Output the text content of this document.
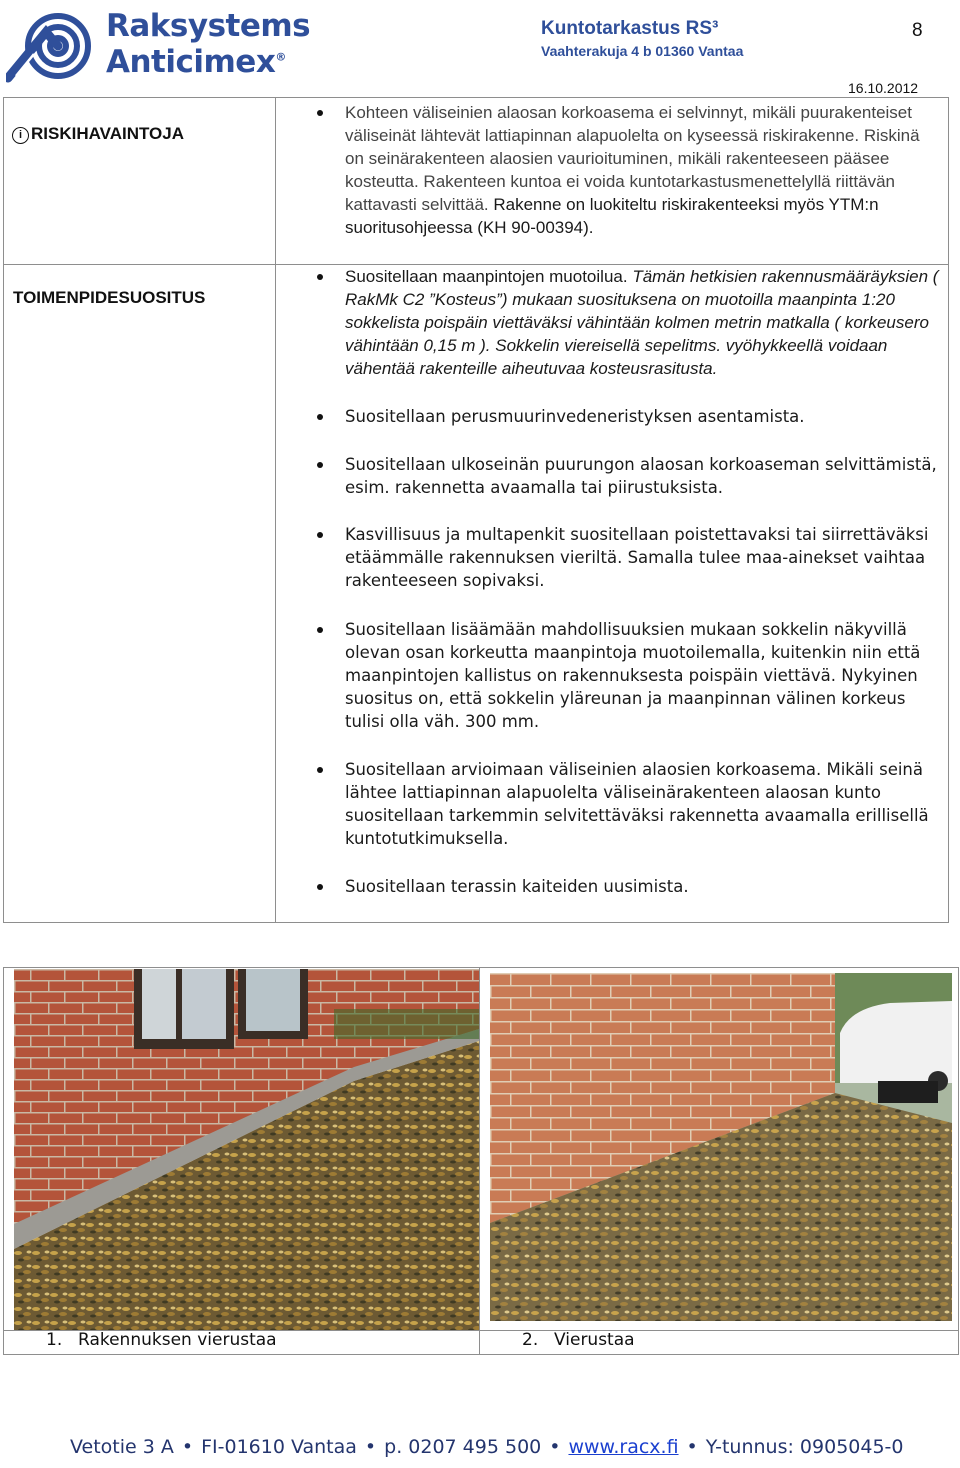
Raksystems
Anticimex®
Kuntotarkastus RS³
Vaahterakuja 4 b 01360 Vantaa
8
16.10.2012
i RISKIHAVAINTOJA
TOIMENPIDESUOSITUS
Kohteen väliseinien alaosan korkoasema ei selvinnyt, mikäli puurakenteiset väliseinät lähtevät lattiapinnan alapuolelta on kyseessä riskirakenne. Riskinä on seinärakenteen alaosien vaurioituminen, mikäli rakenteeseen pääsee kosteutta. Rakenteen kuntoa ei voida kuntotarkastusmenettelyllä riittävän kattavasti selvittää. Rakenne on luokiteltu riskirakenteeksi myös YTM:n suoritusohjeessa (KH 90-00394).
Suositellaan maanpintojen muotoilua. Tämän hetkisien rakennusmääräyksien ( RakMk C2 ”Kosteus”) mukaan suosituksena on muotoilla maanpinta 1:20 sokkelista poispäin viettäväksi vähintään kolmen metrin matkalla ( korkeusero vähintään 0,15 m ). Sokkelin viereisellä sepelitms. vyöhykkeellä voidaan vähentää rakenteille aiheutuvaa kosteusrasitusta.
Suositellaan perusmuurinvedeneristyksen asentamista.
Suositellaan ulkoseinän puurungon alaosan korkoaseman selvittämistä, esim. rakennetta avaamalla tai piirustuksista.
Kasvillisuus ja multapenkit suositellaan poistettavaksi tai siirrettäväksi etäämmälle rakennuksen vieriltä. Samalla tulee maa-ainekset vaihtaa rakenteeseen sopivaksi.
Suositellaan lisäämään mahdollisuuksien mukaan sokkelin näkyvillä olevan osan korkeutta maanpintoja muotoilemalla, kuitenkin niin että maanpintojen kallistus on rakennuksesta poispäin viettävä. Nykyinen suositus on, että sokkelin yläreunan ja maanpinnan välinen korkeus tulisi olla väh. 300 mm.
Suositellaan arvioimaan väliseinien alaosien korkoasema. Mikäli seinä lähtee lattiapinnan alapuolelta väliseinärakenteen alaosan kunto suositellaan tarkemmin selvitettäväksi rakennetta avaamalla erillisellä kuntotutkimuksella.
Suositellaan terassin kaiteiden uusimista.
1. Rakennuksen vierustaa	2. Vierustaa
Vetotie 3 A • FI-01610 Vantaa • p. 0207 495 500 • www.racx.fi • Y-tunnus: 0905045-0
